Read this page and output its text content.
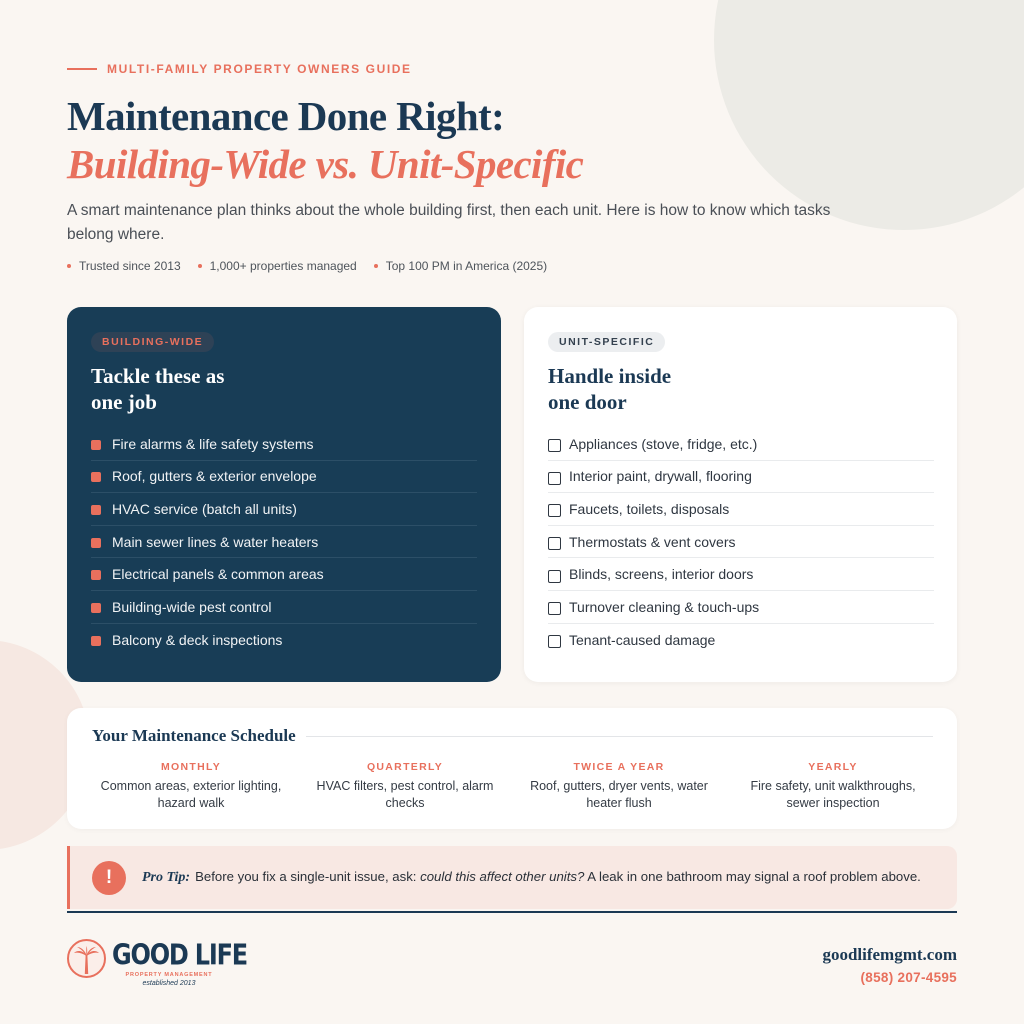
MULTI-FAMILY PROPERTY OWNERS GUIDE
Maintenance Done Right:
Building-Wide vs. Unit-Specific

A smart maintenance plan thinks about the whole building first, then each unit. Here is how to know which tasks belong where.

Trusted since 2013 1,000+ properties managed Top 100 PM in America (2025)
BUILDING-WIDE
Tackle these as
one job
Fire alarms & life safety systems
Roof, gutters & exterior envelope
HVAC service (batch all units)
Main sewer lines & water heaters
Electrical panels & common areas
Building-wide pest control
Balcony & deck inspections
UNIT-SPECIFIC
Handle inside
one door
Appliances (stove, fridge, etc.)
Interior paint, drywall, flooring
Faucets, toilets, disposals
Thermostats & vent covers
Blinds, screens, interior doors
Turnover cleaning & touch-ups
Tenant-caused damage
Your Maintenance Schedule
MONTHLY
Common areas, exterior lighting, hazard walk
QUARTERLY
HVAC filters, pest control, alarm checks
TWICE A YEAR
Roof, gutters, dryer vents, water heater flush
YEARLY
Fire safety, unit walkthroughs, sewer inspection
!	Pro Tip: Before you fix a single-unit issue, ask: could this affect other units? A leak in one bathroom may signal a roof problem above.

GOOD LIFE
PROPERTY MANAGEMENT
established 2013
goodlifemgmt.com
(858) 207-4595
